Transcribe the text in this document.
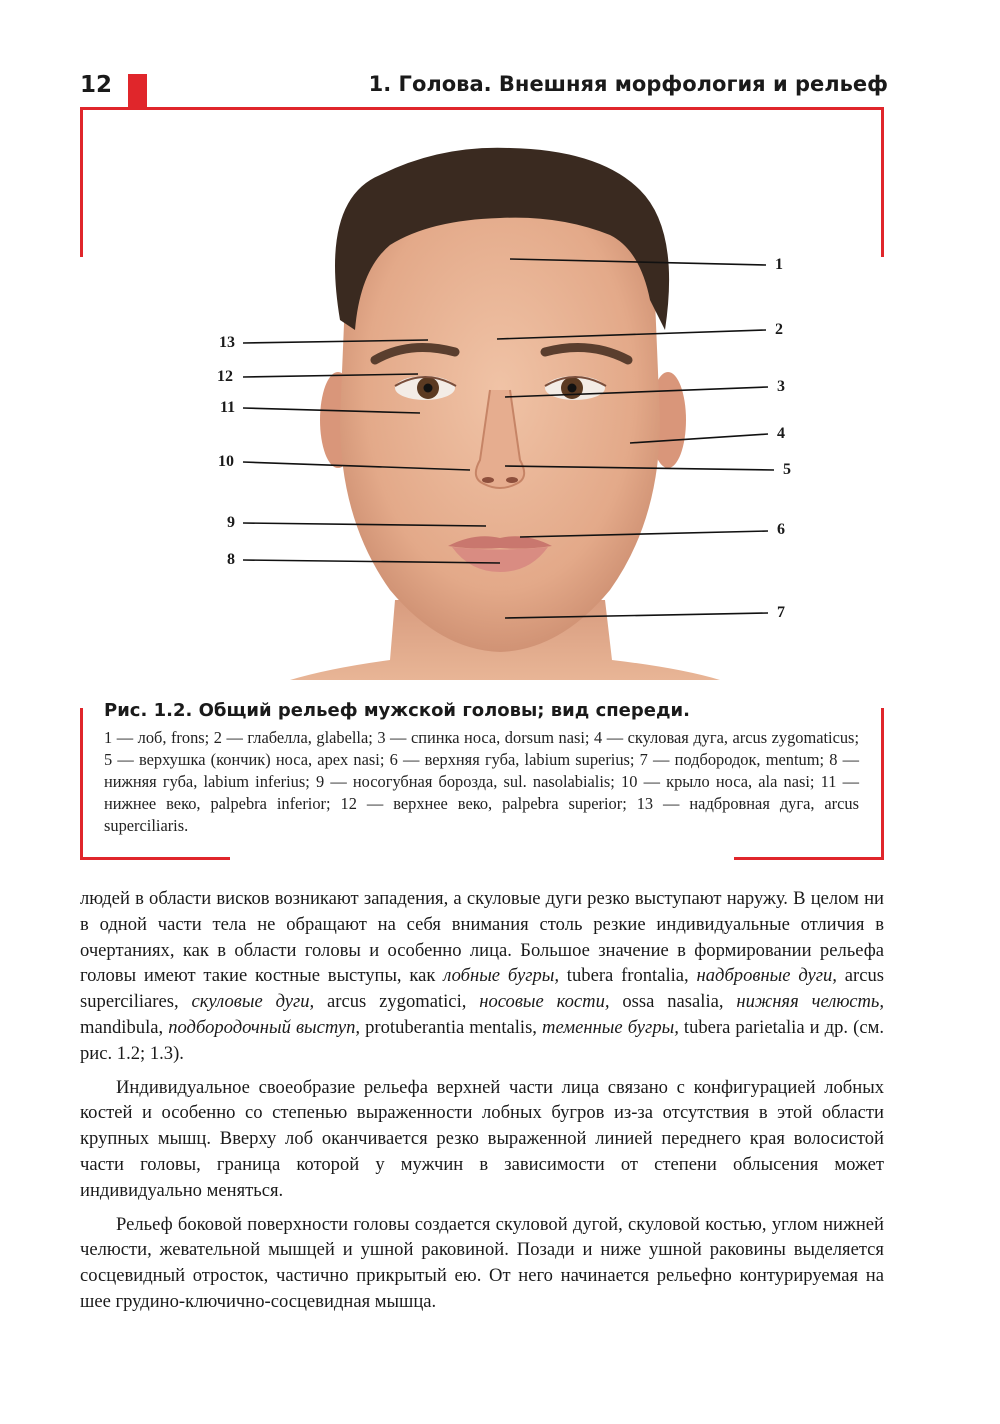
12	1. Голова. Внешняя морфология и рельеф
1
2
3
4
5
6
7
8
9
10
11
12
13

Рис. 1.2. Общий рельеф мужской головы; вид спереди.

1 — лоб, frons; 2 — глабелла, glabella; 3 — спинка носа, dorsum nasi; 4 — скуловая дуга, arcus zygomaticus; 5 — верхушка (кончик) носа, apex nasi; 6 — верхняя губа, labium superius; 7 — подбородок, mentum; 8 — нижняя губа, labium inferius; 9 — носогубная борозда, sul. nasolabialis; 10 — крыло носа, ala nasi; 11 — нижнее веко, palpebra inferior; 12 — верхнее веко, palpebra superior; 13 — надбровная дуга, arcus superciliaris.

людей в области висков возникают западения, а скуловые дуги резко выступают наружу. В целом ни в одной части тела не обращают на себя внимания столь резкие индивидуальные отличия в очертаниях, как в области головы и особенно лица. Большое значение в формировании рельефа головы имеют такие костные выступы, как лобные бугры, tubera frontalia, надбровные дуги, arcus superciliares, скуловые дуги, arcus zygomatici, носовые кости, ossa nasalia, нижняя челюсть, mandibula, подбородочный выступ, protuberantia mentalis, теменные бугры, tubera parietalia и др. (см. рис. 1.2; 1.3).

Индивидуальное своеобразие рельефа верхней части лица связано с конфигурацией лобных костей и особенно со степенью выраженности лобных бугров из-за отсутствия в этой области крупных мышц. Вверху лоб оканчивается резко выраженной линией переднего края волосистой части головы, граница которой у мужчин в зависимости от степени облысения может индивидуально меняться.

Рельеф боковой поверхности головы создается скуловой дугой, скуловой костью, углом нижней челюсти, жевательной мышцей и ушной раковиной. Позади и ниже ушной раковины выделяется сосцевидный отросток, частично прикрытый ею. От него начинается рельефно контурируемая на шее грудино-ключично-сосцевидная мышца.
